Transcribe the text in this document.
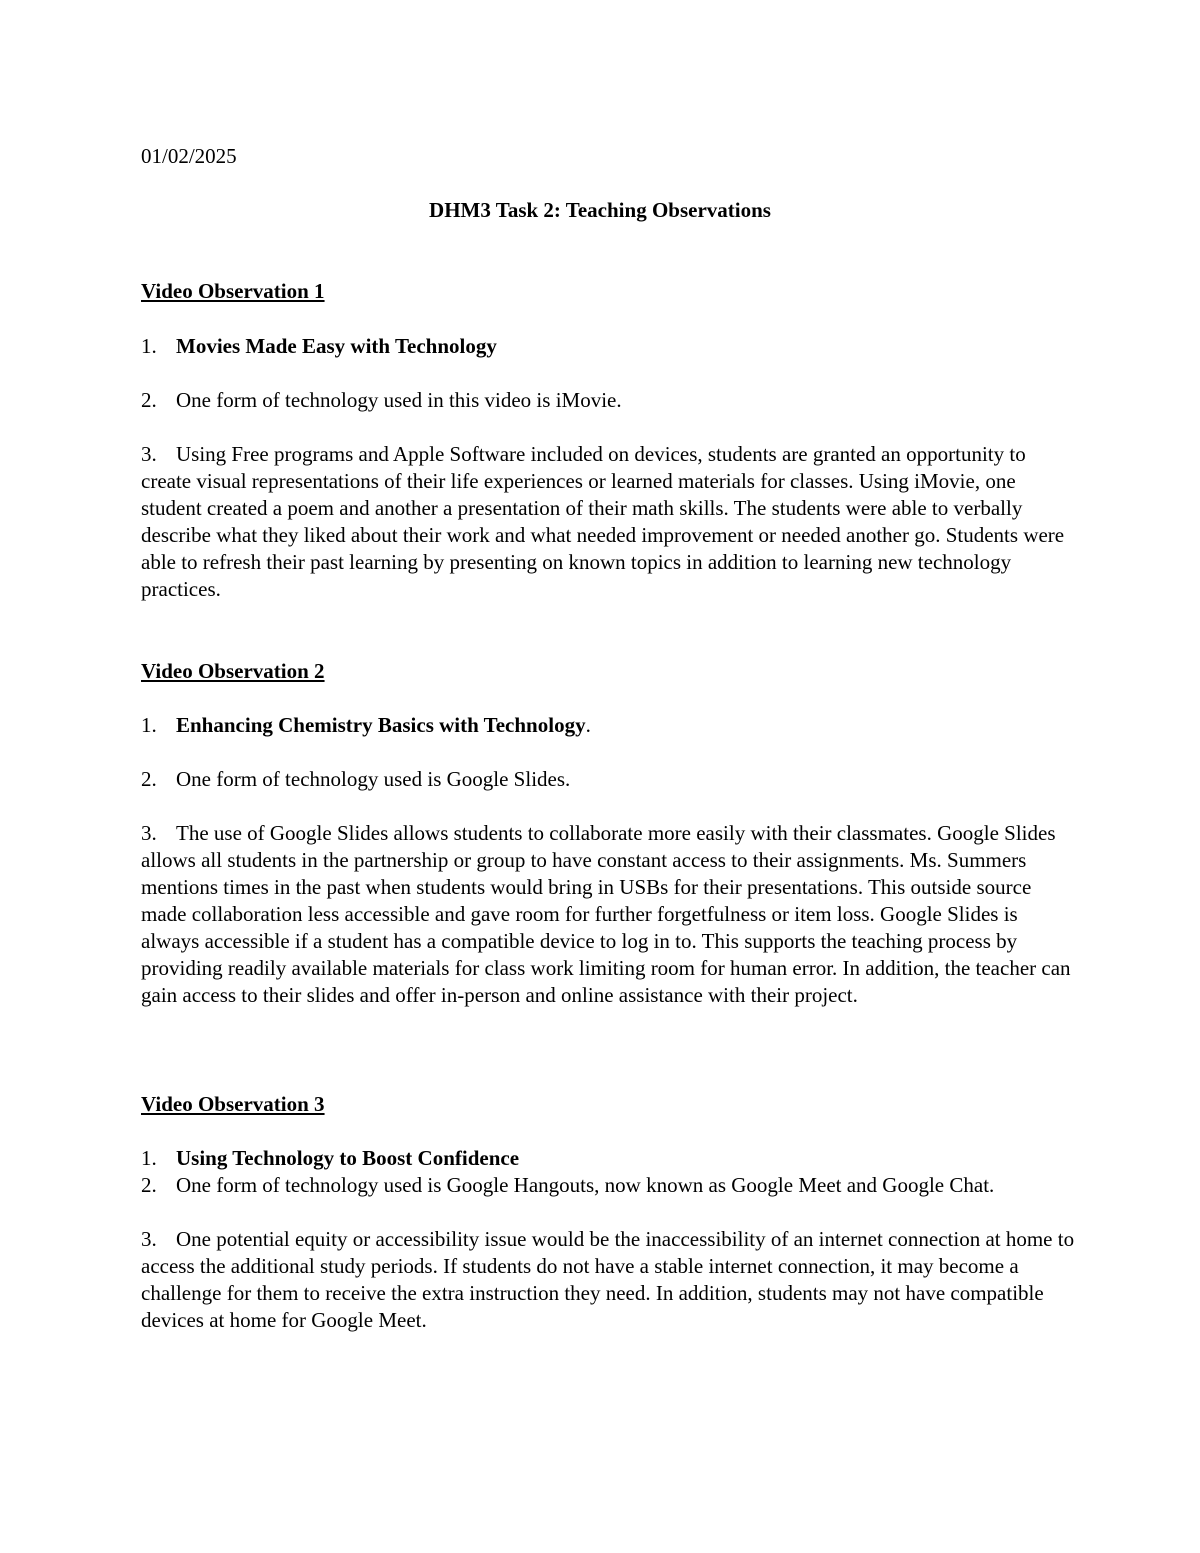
01/02/2025
DHM3 Task 2: Teaching Observations
Video Observation 1
1. Movies Made Easy with Technology
2. One form of technology used in this video is iMovie.
3. Using Free programs and Apple Software included on devices, students are granted an opportunity to create visual representations of their life experiences or learned materials for classes. Using iMovie, one student created a poem and another a presentation of their math skills. The students were able to verbally describe what they liked about their work and what needed improvement or needed another go. Students were able to refresh their past learning by presenting on known topics in addition to learning new technology practices.
Video Observation 2
1. Enhancing Chemistry Basics with Technology.
2. One form of technology used is Google Slides.
3. The use of Google Slides allows students to collaborate more easily with their classmates. Google Slides allows all students in the partnership or group to have constant access to their assignments. Ms. Summers mentions times in the past when students would bring in USBs for their presentations. This outside source made collaboration less accessible and gave room for further forgetfulness or item loss. Google Slides is always accessible if a student has a compatible device to log in to. This supports the teaching process by providing readily available materials for class work limiting room for human error. In addition, the teacher can gain access to their slides and offer in-person and online assistance with their project.
Video Observation 3
1. Using Technology to Boost Confidence
2. One form of technology used is Google Hangouts, now known as Google Meet and Google Chat.
3. One potential equity or accessibility issue would be the inaccessibility of an internet connection at home to access the additional study periods. If students do not have a stable internet connection, it may become a challenge for them to receive the extra instruction they need. In addition, students may not have compatible devices at home for Google Meet.
